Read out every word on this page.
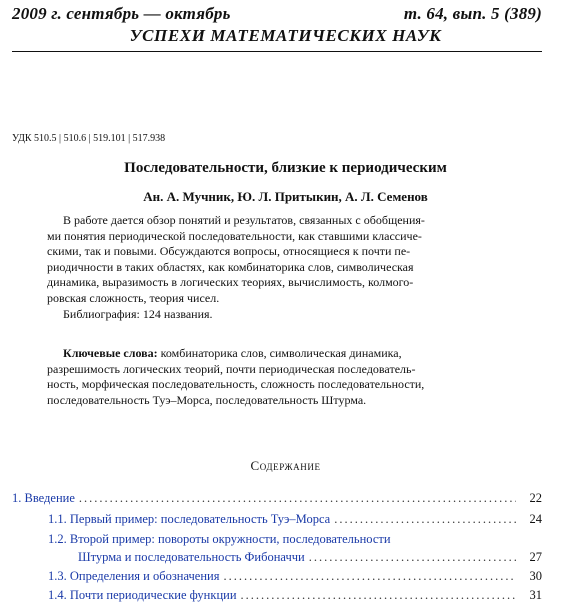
2009 г. сентябрь — октябрь	т. 64, вып. 5 (389)
УСПЕХИ МАТЕМАТИЧЕСКИХ НАУК
УДК 510.5 | 510.6 | 519.101 | 517.938
Последовательности, близкие к периодическим
Ан. А. Мучник, Ю. Л. Притыкин, А. Л. Семенов
В работе дается обзор понятий и результатов, связанных с обобщения-
ми понятия периодической последовательности, как ставшими классиче-
скими, так и повыми. Обсуждаются вопросы, относящиеся к почти пе-
риодичности в таких областях, как комбинаторика слов, символическая
динамика, выразимость в логических теориях, вычислимость, колмого-
ровская сложность, теория чисел.
Библиография: 124 названия.
Ключевые слова: комбинаторика слов, символическая динамика,
разрешимость логических теорий, почти периодическая последователь-
ность, морфическая последовательность, сложность последовательности,
последовательность Туэ–Морса, последовательность Штурма.
Содержание
1. Введение .....	22
1.1. Первый пример: последовательность Туэ–Морса .....	24
1.2. Второй пример: повороты окружности, последовательности
Штурма и последовательность Фибоначчи .....	27
1.3. Определения и обозначения .....	30
1.4. Почти периодические функции .....	31
